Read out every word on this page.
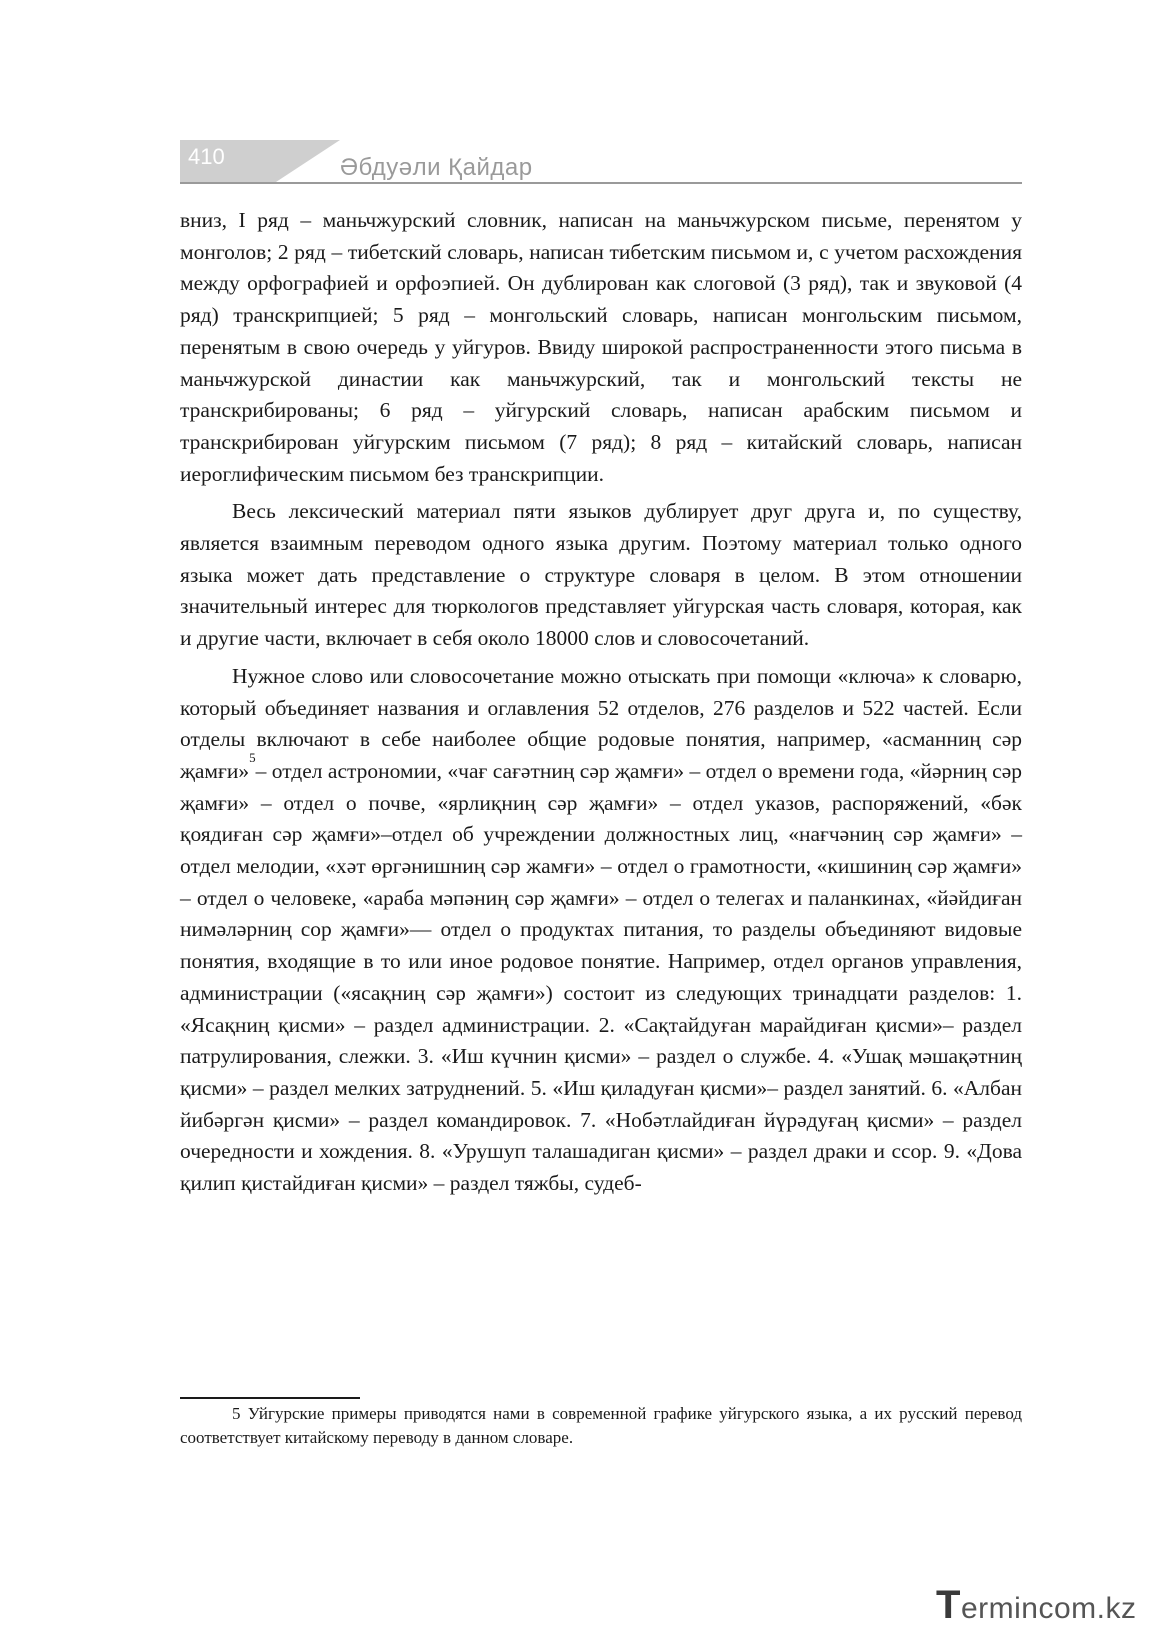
410	Әбдуәли Қайдар

вниз, I ряд – маньчжурский словник, написан на маньчжурском письме, перенятом у монголов; 2 ряд – тибетский словарь, написан тибетским письмом и, с учетом расхождения между орфографией и орфоэпией. Он дублирован как слоговой (3 ряд), так и звуковой (4 ряд) транскрипцией; 5 ряд – монгольский словарь, написан монгольским письмом, перенятым в свою очередь у уйгуров. Ввиду широкой распространенности этого письма в маньчжурской династии как маньчжурский, так и монгольский тексты не транскрибированы; 6 ряд – уйгурский словарь, написан арабским письмом и транскрибирован уйгурским письмом (7 ряд); 8 ряд – китайский словарь, написан иероглифическим письмом без транскрипции.

Весь лексический материал пяти языков дублирует друг друга и, по существу, является взаимным переводом одного языка другим. Поэтому материал только одного языка может дать представление о структуре словаря в целом. В этом отношении значительный интерес для тюркологов представляет уйгурская часть словаря, которая, как и другие части, включает в себя около 18000 слов и словосочетаний.

Нужное слово или словосочетание можно отыскать при помощи «ключа» к словарю, который объединяет названия и оглавления 52 отделов, 276 разделов и 522 частей. Если отделы включают в себе наиболее общие родовые понятия, например, «асманниң сәр җамғи»$^5$– отдел астрономии, «чағ сағәтниң сәр җамғи» – отдел о времени года, «йәрниң сәр җамғи» – отдел о почве, «ярлиқниң сәр җамғи» – отдел указов, распоряжений, «бәк қоядиған сәр җамғи»–отдел об учреждении должностных лиц, «нағчәниң сәр җамғи» – отдел мелодии, «хәт өргәнишниң сәр жамғи» – отдел о грамотности, «кишиниң сәр җамғи» – отдел о человеке, «араба мәпәниң сәр җамғи» – отдел о телегах и паланкинах, «йәйдиған нимәләрниң сор җамғи»— отдел о продуктах питания, то разделы объединяют видовые понятия, входящие в то или иное родовое понятие. Например, отдел органов управления, администрации («ясақниң сәр җамғи») состоит из следующих тринадцати разделов: 1. «Ясақниң қисми» – раздел администрации. 2. «Сақтайдуған марайдиған қисми»– раздел патрулирования, слежки. 3. «Иш күчнин қисми» – раздел о службе. 4. «Ушақ мәшақәтниң қисми» – раздел мелких затруднений. 5. «Иш қиладуған қисми»– раздел занятий. 6. «Албан йибәргән қисми» – раздел командировок. 7. «Нобәтлайдиған йүрәдуғаң қисми» – раздел очередности и хождения. 8. «Урушуп талашадиган қисми» – раздел драки и ссор. 9. «Дова қилип қистайдиған қисми» – раздел тяжбы, судеб-

5 Уйгурские примеры приводятся нами в современной графике уйгурского языка, а их русский перевод соответствует китайскому переводу в данном словаре.
Termincom.kz
